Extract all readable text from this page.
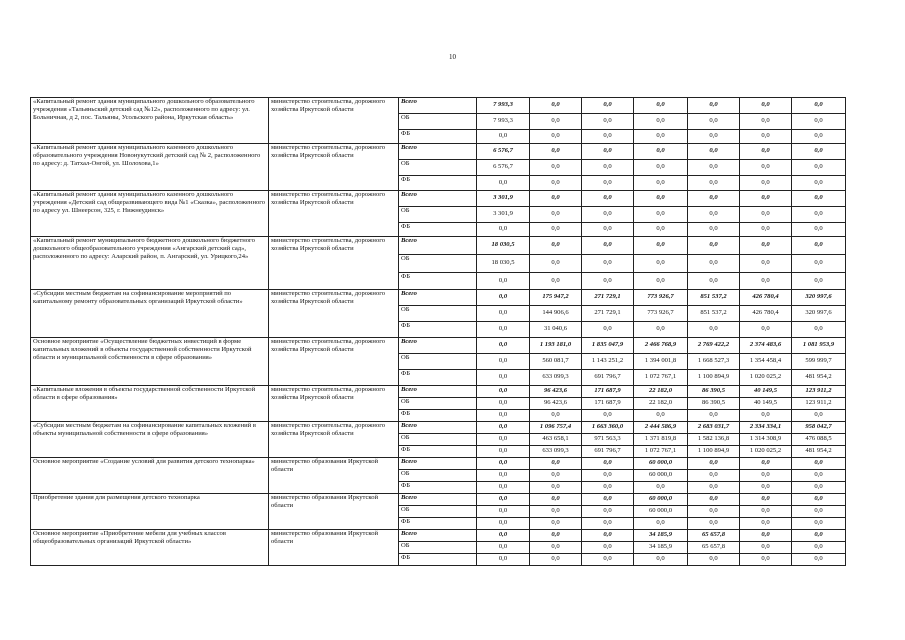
10
«Капитальный ремонт здания муниципального дошкольного образовательного учреждения «Тальяньский детский сад №12», расположенного по адресу: ул. Больничная, д 2, пос. Тальяны, Усольского района, Иркутская область»	министерство строительства, дорожного хозяйства Иркутской области	Всего	7 993,3	0,0	0,0	0,0	0,0	0,0	0,0
		ОБ	7 993,3	0,0	0,0	0,0	0,0	0,0	0,0
		ФБ	0,0	0,0	0,0	0,0	0,0	0,0	0,0
«Капитальный ремонт здания муниципального казенного дошкольного образовательного учреждения Новонукутский детский сад № 2, расположенного по адресу: д. Татхал-Онгой, ул. Шолохова,1»	министерство строительства, дорожного хозяйства Иркутской области	Всего	6 576,7	0,0	0,0	0,0	0,0	0,0	0,0
		ОБ	6 576,7	0,0	0,0	0,0	0,0	0,0	0,0
		ФБ	0,0	0,0	0,0	0,0	0,0	0,0	0,0
«Капитальный ремонт здания муниципального казенного дошкольного учреждения «Детский сад общеразвивающего вида №1 «Сказка», расположенного по адресу ул. Шнеерсон, 325, г. Нижнеудинск»	министерство строительства, дорожного хозяйства Иркутской области	Всего	3 301,9	0,0	0,0	0,0	0,0	0,0	0,0
		ОБ	3 301,9	0,0	0,0	0,0	0,0	0,0	0,0
		ФБ	0,0	0,0	0,0	0,0	0,0	0,0	0,0
«Капитальный ремонт муниципального бюджетного дошкольного бюджетного дошкольного общеобразовательного учреждения «Ангарский детский сад», расположенного по адресу: Аларский район, п. Ангарский, ул. Урицкого,24»	министерство строительства, дорожного хозяйства Иркутской области	Всего	18 030,5	0,0	0,0	0,0	0,0	0,0	0,0
		ОБ	18 030,5	0,0	0,0	0,0	0,0	0,0	0,0
		ФБ	0,0	0,0	0,0	0,0	0,0	0,0	0,0
«Субсидии местным бюджетам на софинансирование мероприятий по капитальному ремонту образовательных организаций Иркутской области»	министерство строительства, дорожного хозяйства Иркутской области	Всего	0,0	175 947,2	271 729,1	773 926,7	851 537,2	426 780,4	320 997,6
		ОБ	0,0	144 906,6	271 729,1	773 926,7	851 537,2	426 780,4	320 997,6
		ФБ	0,0	31 040,6	0,0	0,0	0,0	0,0	0,0
Основное мероприятие «Осуществление бюджетных инвестиций в форме капитальных вложений в объекты государственной собственности Иркутской области и муниципальной собственности в сфере образования»	министерство строительства, дорожного хозяйства Иркутской области	Всего	0,0	1 193 181,0	1 835 047,9	2 466 768,9	2 769 422,2	2 374 483,6	1 081 953,9
		ОБ	0,0	560 081,7	1 143 251,2	1 394 001,8	1 668 527,3	1 354 458,4	599 999,7
		ФБ	0,0	633 099,3	691 796,7	1 072 767,1	1 100 894,9	1 020 025,2	481 954,2
«Капитальные вложения в объекты государственной собственности Иркутской области в сфере образования»	министерство строительства, дорожного хозяйства Иркутской области	Всего	0,0	96 423,6	171 687,9	22 182,0	86 390,5	40 149,5	123 911,2
		ОБ	0,0	96 423,6	171 687,9	22 182,0	86 390,5	40 149,5	123 911,2
		ФБ	0,0	0,0	0,0	0,0	0,0	0,0	0,0
«Субсидии местным бюджетам на софинансирование капитальных вложений в объекты муниципальной собственности в сфере образования»	министерство строительства, дорожного хозяйства Иркутской области	Всего	0,0	1 096 757,4	1 663 360,0	2 444 586,9	2 683 031,7	2 334 334,1	958 042,7
		ОБ	0,0	463 658,1	971 563,3	1 371 819,8	1 582 136,8	1 314 308,9	476 088,5
		ФБ	0,0	633 099,3	691 796,7	1 072 767,1	1 100 894,9	1 020 025,2	481 954,2
Основное мероприятие «Создание условий для развития детского технопарка»	министерство образования Иркутской области	Всего	0,0	0,0	0,0	60 000,0	0,0	0,0	0,0
		ОБ	0,0	0,0	0,0	60 000,0	0,0	0,0	0,0
		ФБ	0,0	0,0	0,0	0,0	0,0	0,0	0,0
Приобретение здания для размещения детского технопарка	министерство образования Иркутской области	Всего	0,0	0,0	0,0	60 000,0	0,0	0,0	0,0
		ОБ	0,0	0,0	0,0	60 000,0	0,0	0,0	0,0
		ФБ	0,0	0,0	0,0	0,0	0,0	0,0	0,0
Основное мероприятие «Приобретение мебели для учебных классов общеобразовательных организаций Иркутской области»	министерство образования Иркутской области	Всего	0,0	0,0	0,0	34 185,9	65 657,8	0,0	0,0
		ОБ	0,0	0,0	0,0	34 185,9	65 657,8	0,0	0,0
		ФБ	0,0	0,0	0,0	0,0	0,0	0,0	0,0
